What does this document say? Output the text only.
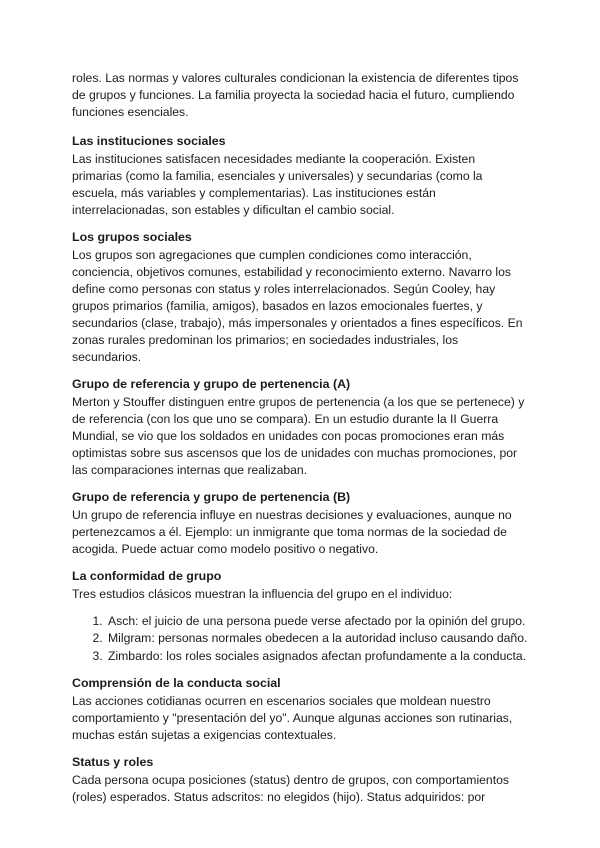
roles. Las normas y valores culturales condicionan la existencia de diferentes tipos de grupos y funciones. La familia proyecta la sociedad hacia el futuro, cumpliendo funciones esenciales.

Las instituciones sociales

Las instituciones satisfacen necesidades mediante la cooperación. Existen primarias (como la familia, esenciales y universales) y secundarias (como la escuela, más variables y complementarias). Las instituciones están interrelacionadas, son estables y dificultan el cambio social.

Los grupos sociales

Los grupos son agregaciones que cumplen condiciones como interacción, conciencia, objetivos comunes, estabilidad y reconocimiento externo. Navarro los define como personas con status y roles interrelacionados. Según Cooley, hay grupos primarios (familia, amigos), basados en lazos emocionales fuertes, y secundarios (clase, trabajo), más impersonales y orientados a fines específicos. En zonas rurales predominan los primarios; en sociedades industriales, los secundarios.

Grupo de referencia y grupo de pertenencia (A)

Merton y Stouffer distinguen entre grupos de pertenencia (a los que se pertenece) y de referencia (con los que uno se compara). En un estudio durante la II Guerra Mundial, se vio que los soldados en unidades con pocas promociones eran más optimistas sobre sus ascensos que los de unidades con muchas promociones, por las comparaciones internas que realizaban.

Grupo de referencia y grupo de pertenencia (B)

Un grupo de referencia influye en nuestras decisiones y evaluaciones, aunque no pertenezcamos a él. Ejemplo: un inmigrante que toma normas de la sociedad de acogida. Puede actuar como modelo positivo o negativo.

La conformidad de grupo

Tres estudios clásicos muestran la influencia del grupo en el individuo:

1. Asch: el juicio de una persona puede verse afectado por la opinión del grupo.
2. Milgram: personas normales obedecen a la autoridad incluso causando daño.
3. Zimbardo: los roles sociales asignados afectan profundamente a la conducta.
Comprensión de la conducta social

Las acciones cotidianas ocurren en escenarios sociales que moldean nuestro comportamiento y "presentación del yo". Aunque algunas acciones son rutinarias, muchas están sujetas a exigencias contextuales.

Status y roles

Cada persona ocupa posiciones (status) dentro de grupos, con comportamientos (roles) esperados. Status adscritos: no elegidos (hijo). Status adquiridos: por
